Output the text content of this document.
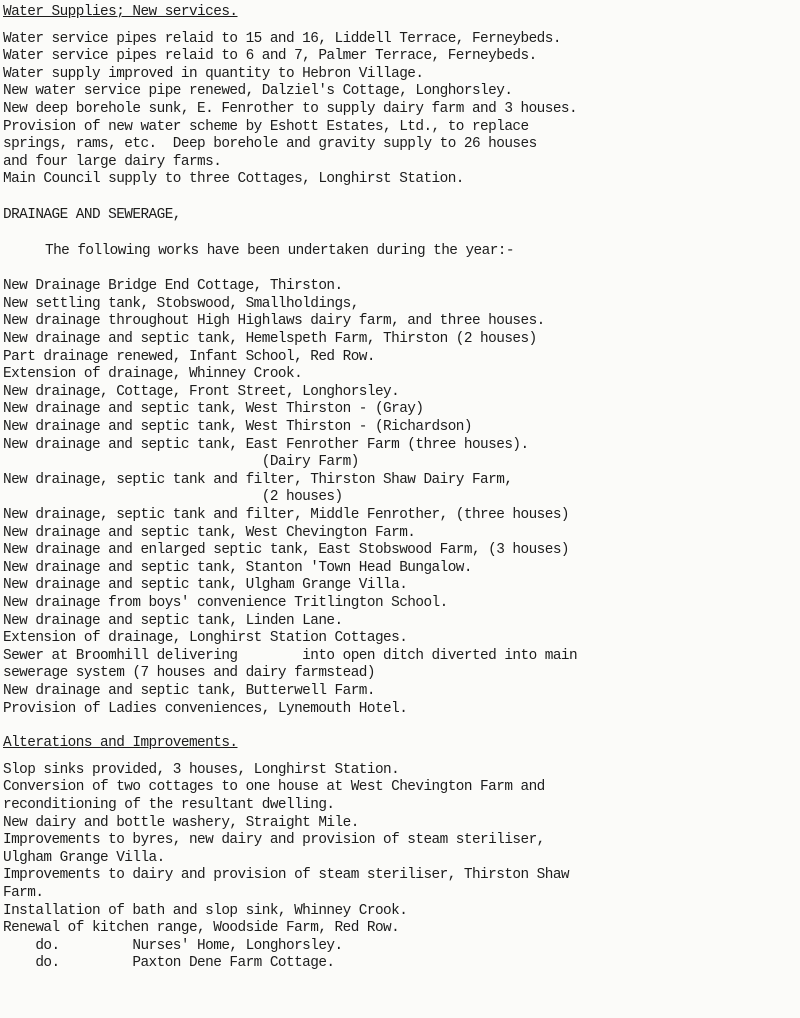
Water Supplies; New services.
Water service pipes relaid to 15 and 16, Liddell Terrace, Ferneybeds.
Water service pipes relaid to 6 and 7, Palmer Terrace, Ferneybeds.
Water supply improved in quantity to Hebron Village.
New water service pipe renewed, Dalziel's Cottage, Longhorsley.
New deep borehole sunk, E. Fenrother to supply dairy farm and 3 houses.
Provision of new water scheme by Eshott Estates, Ltd., to replace
springs, rams, etc.  Deep borehole and gravity supply to 26 houses
and four large dairy farms.
Main Council supply to three Cottages, Longhirst Station.
DRAINAGE AND SEWERAGE,
The following works have been undertaken during the year:-
New Drainage Bridge End Cottage, Thirston.
New settling tank, Stobswood, Smallholdings,
New drainage throughout High Highlaws dairy farm, and three houses.
New drainage and septic tank, Hemelspeth Farm, Thirston (2 houses)
Part drainage renewed, Infant School, Red Row.
Extension of drainage, Whinney Crook.
New drainage, Cottage, Front Street, Longhorsley.
New drainage and septic tank, West Thirston - (Gray)
New drainage and septic tank, West Thirston - (Richardson)
New drainage and septic tank, East Fenrother Farm (three houses).
(Dairy Farm)
New drainage, septic tank and filter, Thirston Shaw Dairy Farm,
(2 houses)
New drainage, septic tank and filter, Middle Fenrother, (three houses)
New drainage and septic tank, West Chevington Farm.
New drainage and enlarged septic tank, East Stobswood Farm, (3 houses)
New drainage and septic tank, Stanton 'Town Head Bungalow.
New drainage and septic tank, Ulgham Grange Villa.
New drainage from boys' convenience Tritlington School.
New drainage and septic tank, Linden Lane.
Extension of drainage, Longhirst Station Cottages.
Sewer at Broomhill delivering        into open ditch diverted into main
sewerage system (7 houses and dairy farmstead)
New drainage and septic tank, Butterwell Farm.
Provision of Ladies conveniences, Lynemouth Hotel.
Alterations and Improvements.
Slop sinks provided, 3 houses, Longhirst Station.
Conversion of two cottages to one house at West Chevington Farm and
reconditioning of the resultant dwelling.
New dairy and bottle washery, Straight Mile.
Improvements to byres, new dairy and provision of steam steriliser,
Ulgham Grange Villa.
Improvements to dairy and provision of steam steriliser, Thirston Shaw
Farm.
Installation of bath and slop sink, Whinney Crook.
Renewal of kitchen range, Woodside Farm, Red Row.
do.         Nurses' Home, Longhorsley.
do.         Paxton Dene Farm Cottage.
